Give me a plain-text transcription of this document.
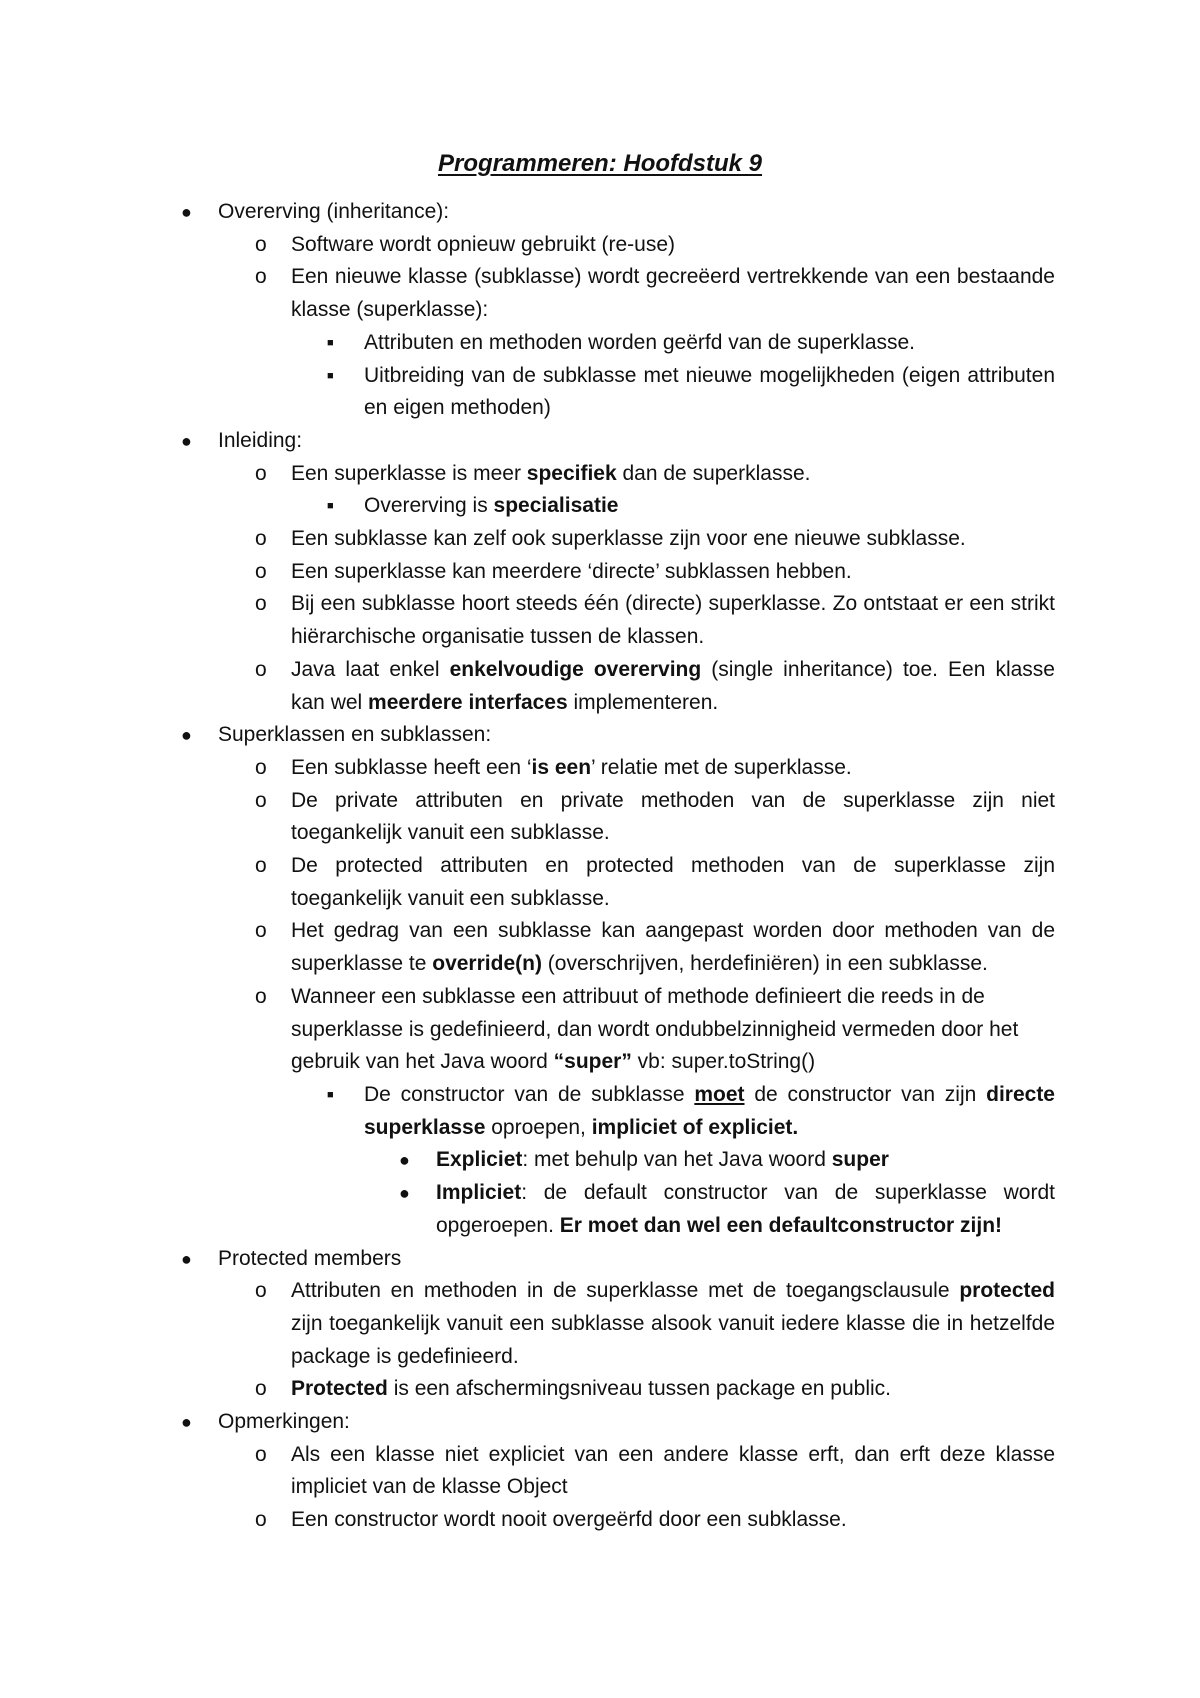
Programmeren: Hoofdstuk 9
● Overerving (inheritance):
o Software wordt opnieuw gebruikt (re-use)
o Een nieuwe klasse (subklasse) wordt gecreëerd vertrekkende van een bestaande klasse (superklasse):
■ Attributen en methoden worden geërfd van de superklasse.
■ Uitbreiding van de subklasse met nieuwe mogelijkheden (eigen attributen en eigen methoden)
● Inleiding:
o Een superklasse is meer specifiek dan de superklasse.
■ Overerving is specialisatie
o Een subklasse kan zelf ook superklasse zijn voor ene nieuwe subklasse.
o Een superklasse kan meerdere ‘directe’ subklassen hebben.
o Bij een subklasse hoort steeds één (directe) superklasse. Zo ontstaat er een strikt hiërarchische organisatie tussen de klassen.
o Java laat enkel enkelvoudige overerving (single inheritance) toe. Een klasse kan wel meerdere interfaces implementeren.
● Superklassen en subklassen:
o Een subklasse heeft een ‘is een’ relatie met de superklasse.
o De private attributen en private methoden van de superklasse zijn niet toegankelijk vanuit een subklasse.
o De protected attributen en protected methoden van de superklasse zijn toegankelijk vanuit een subklasse.
o Het gedrag van een subklasse kan aangepast worden door methoden van de superklasse te override(n) (overschrijven, herdefiniëren) in een subklasse.
o Wanneer een subklasse een attribuut of methode definieert die reeds in de superklasse is gedefinieerd, dan wordt ondubbelzinnigheid vermeden door het gebruik van het Java woord “super” vb: super.toString()
■ De constructor van de subklasse moet de constructor van zijn directe superklasse oproepen, impliciet of expliciet.
● Expliciet: met behulp van het Java woord super
● Impliciet: de default constructor van de superklasse wordt opgeroepen. Er moet dan wel een defaultconstructor zijn!
● Protected members
o Attributen en methoden in de superklasse met de toegangsclausule protected zijn toegankelijk vanuit een subklasse alsook vanuit iedere klasse die in hetzelfde package is gedefinieerd.
o Protected is een afschermingsniveau tussen package en public.
● Opmerkingen:
o Als een klasse niet expliciet van een andere klasse erft, dan erft deze klasse impliciet van de klasse Object
o Een constructor wordt nooit overgeërfd door een subklasse.
